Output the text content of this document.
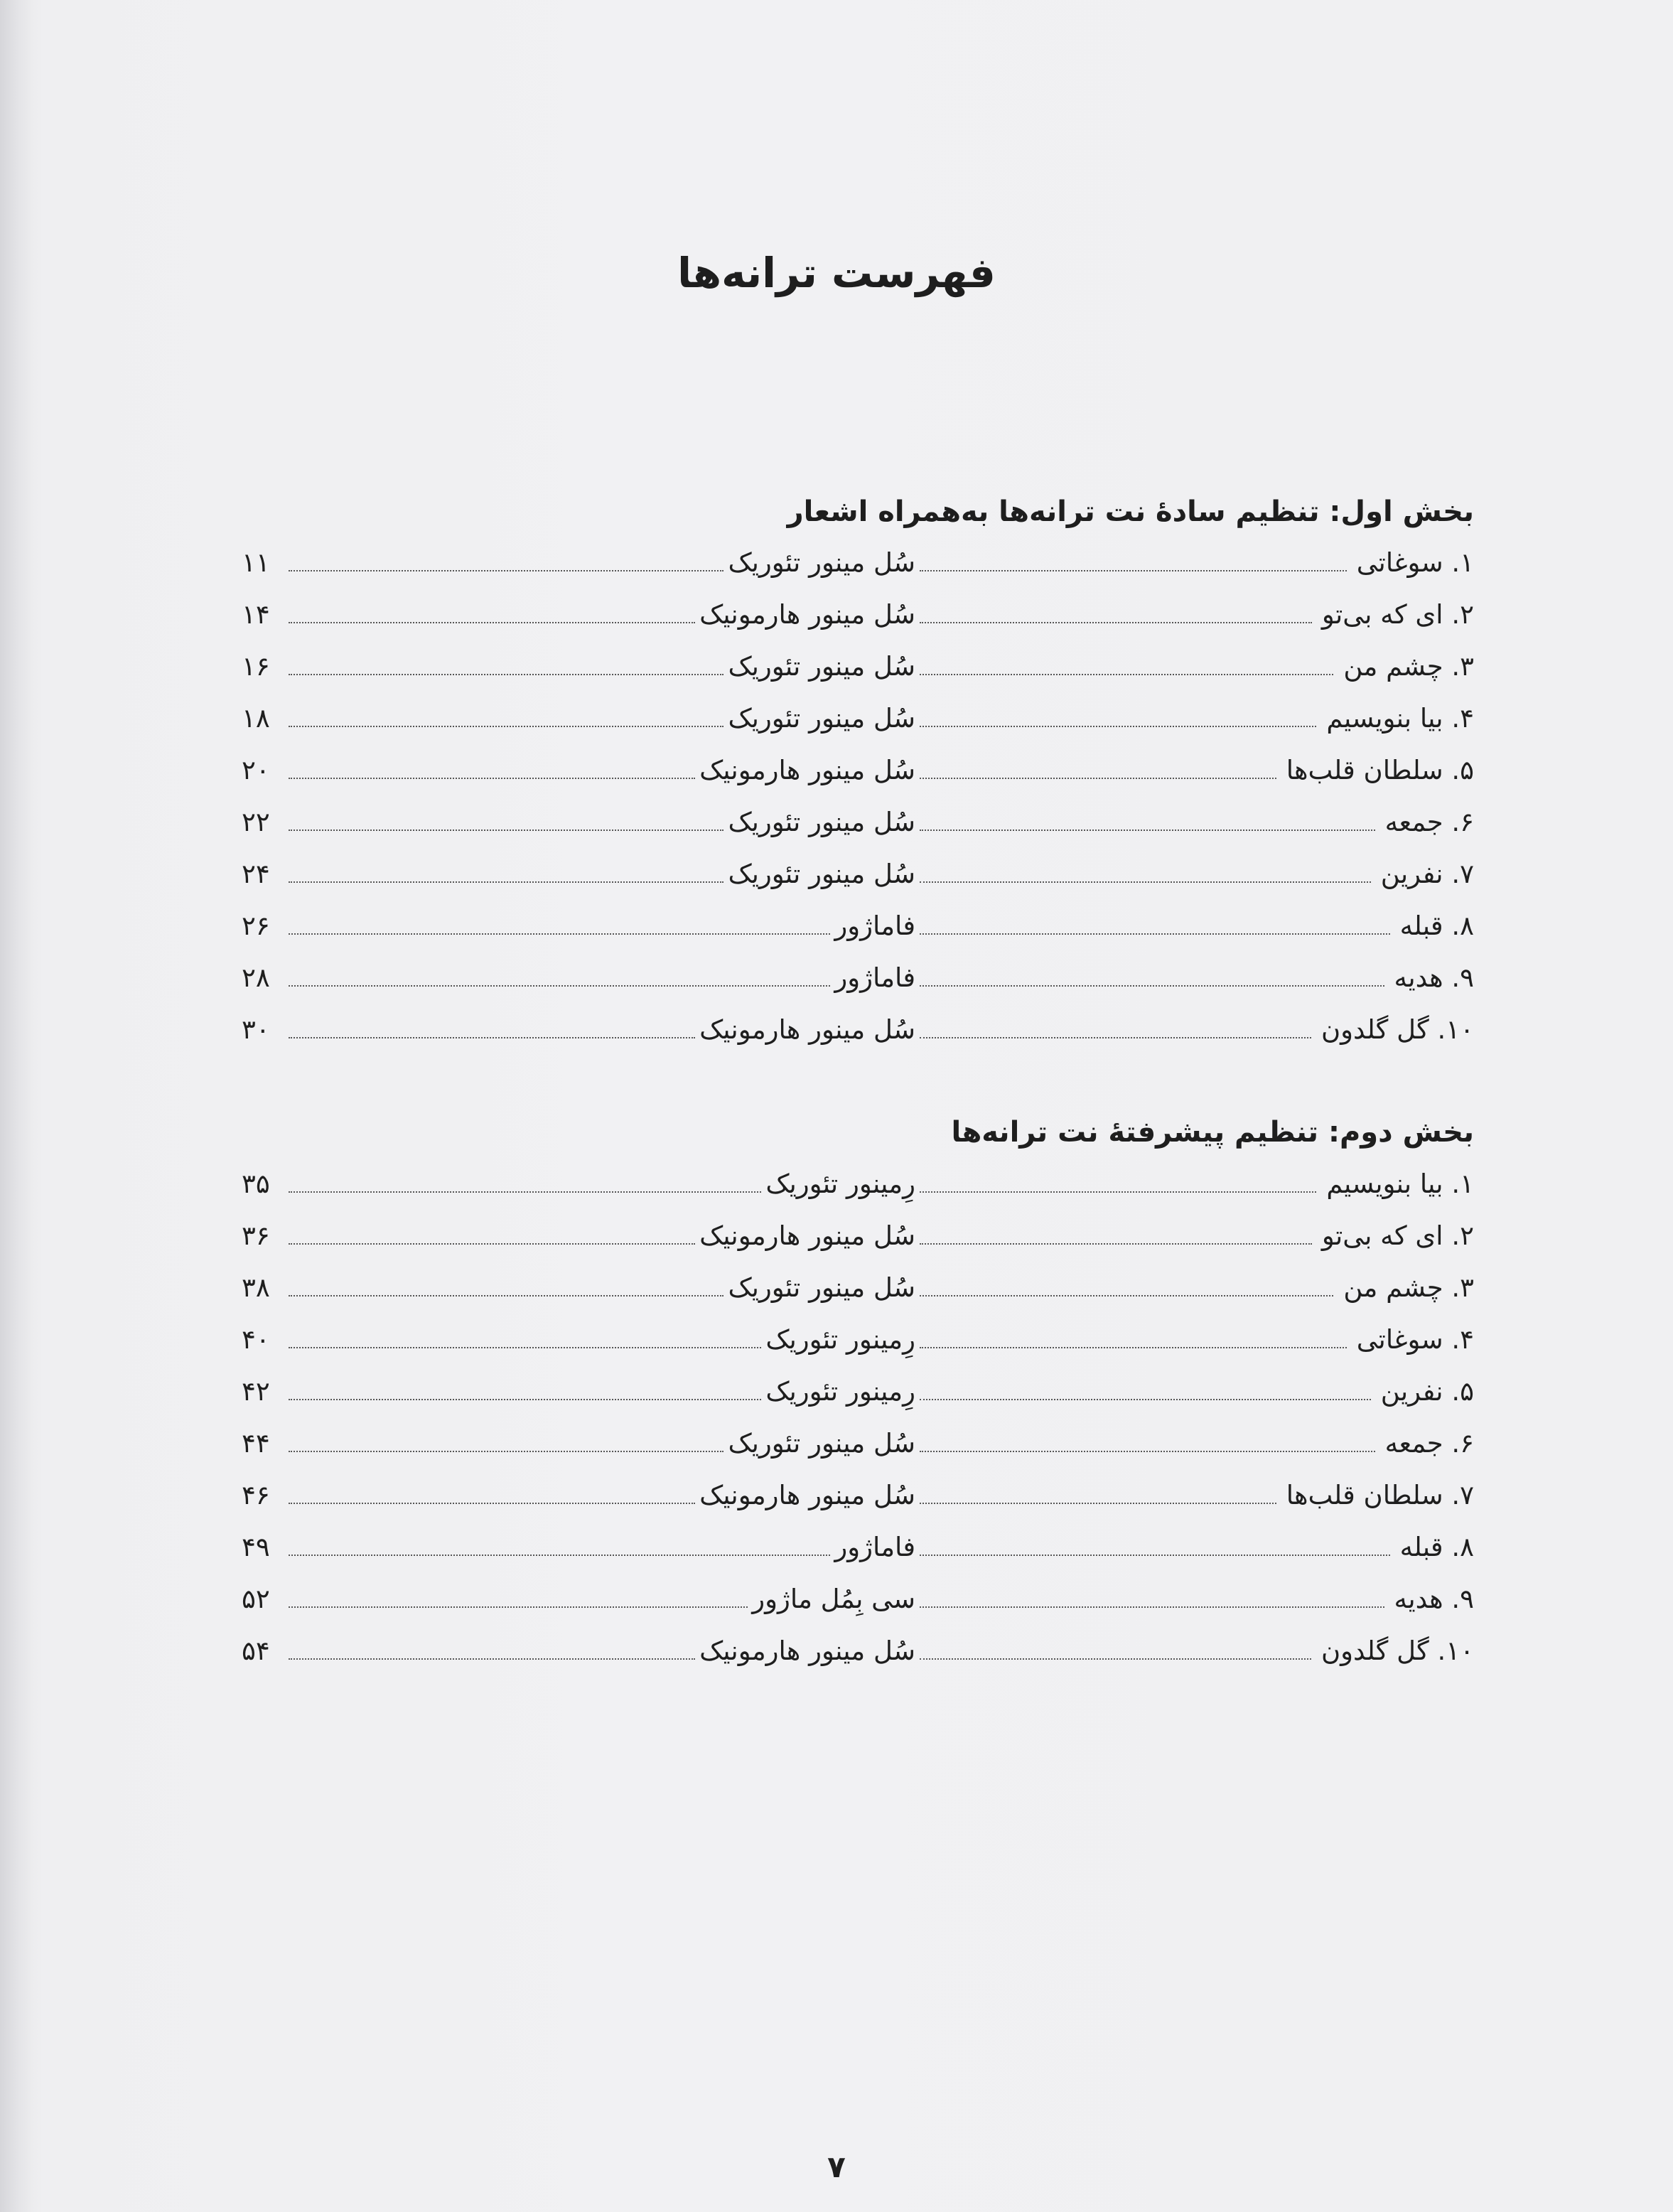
فهرست ترانه‌ها
بخش اول: تنظیم سادهٔ نت ترانه‌ها به‌همراه اشعار
۱. سوغاتی
سُل مینور تئوریک
۱۱
۲. ای که بی‌تو
سُل مینور هارمونیک
۱۴
۳. چشم من
سُل مینور تئوریک
۱۶
۴. بیا بنویسیم
سُل مینور تئوریک
۱۸
۵. سلطان قلب‌ها
سُل مینور هارمونیک
۲۰
۶. جمعه
سُل مینور تئوریک
۲۲
۷. نفرین
سُل مینور تئوریک
۲۴
۸. قبله
فاماژور
۲۶
۹. هدیه
فاماژور
۲۸
۱۰. گل گلدون
سُل مینور هارمونیک
۳۰
بخش دوم: تنظیم پیشرفتهٔ نت ترانه‌ها
۱. بیا بنویسیم
رِمینور تئوریک
۳۵
۲. ای که بی‌تو
سُل مینور هارمونیک
۳۶
۳. چشم من
سُل مینور تئوریک
۳۸
۴. سوغاتی
رِمینور تئوریک
۴۰
۵. نفرین
رِمینور تئوریک
۴۲
۶. جمعه
سُل مینور تئوریک
۴۴
۷. سلطان قلب‌ها
سُل مینور هارمونیک
۴۶
۸. قبله
فاماژور
۴۹
۹. هدیه
سی بِمُل ماژور
۵۲
۱۰. گل گلدون
سُل مینور هارمونیک
۵۴
۷
